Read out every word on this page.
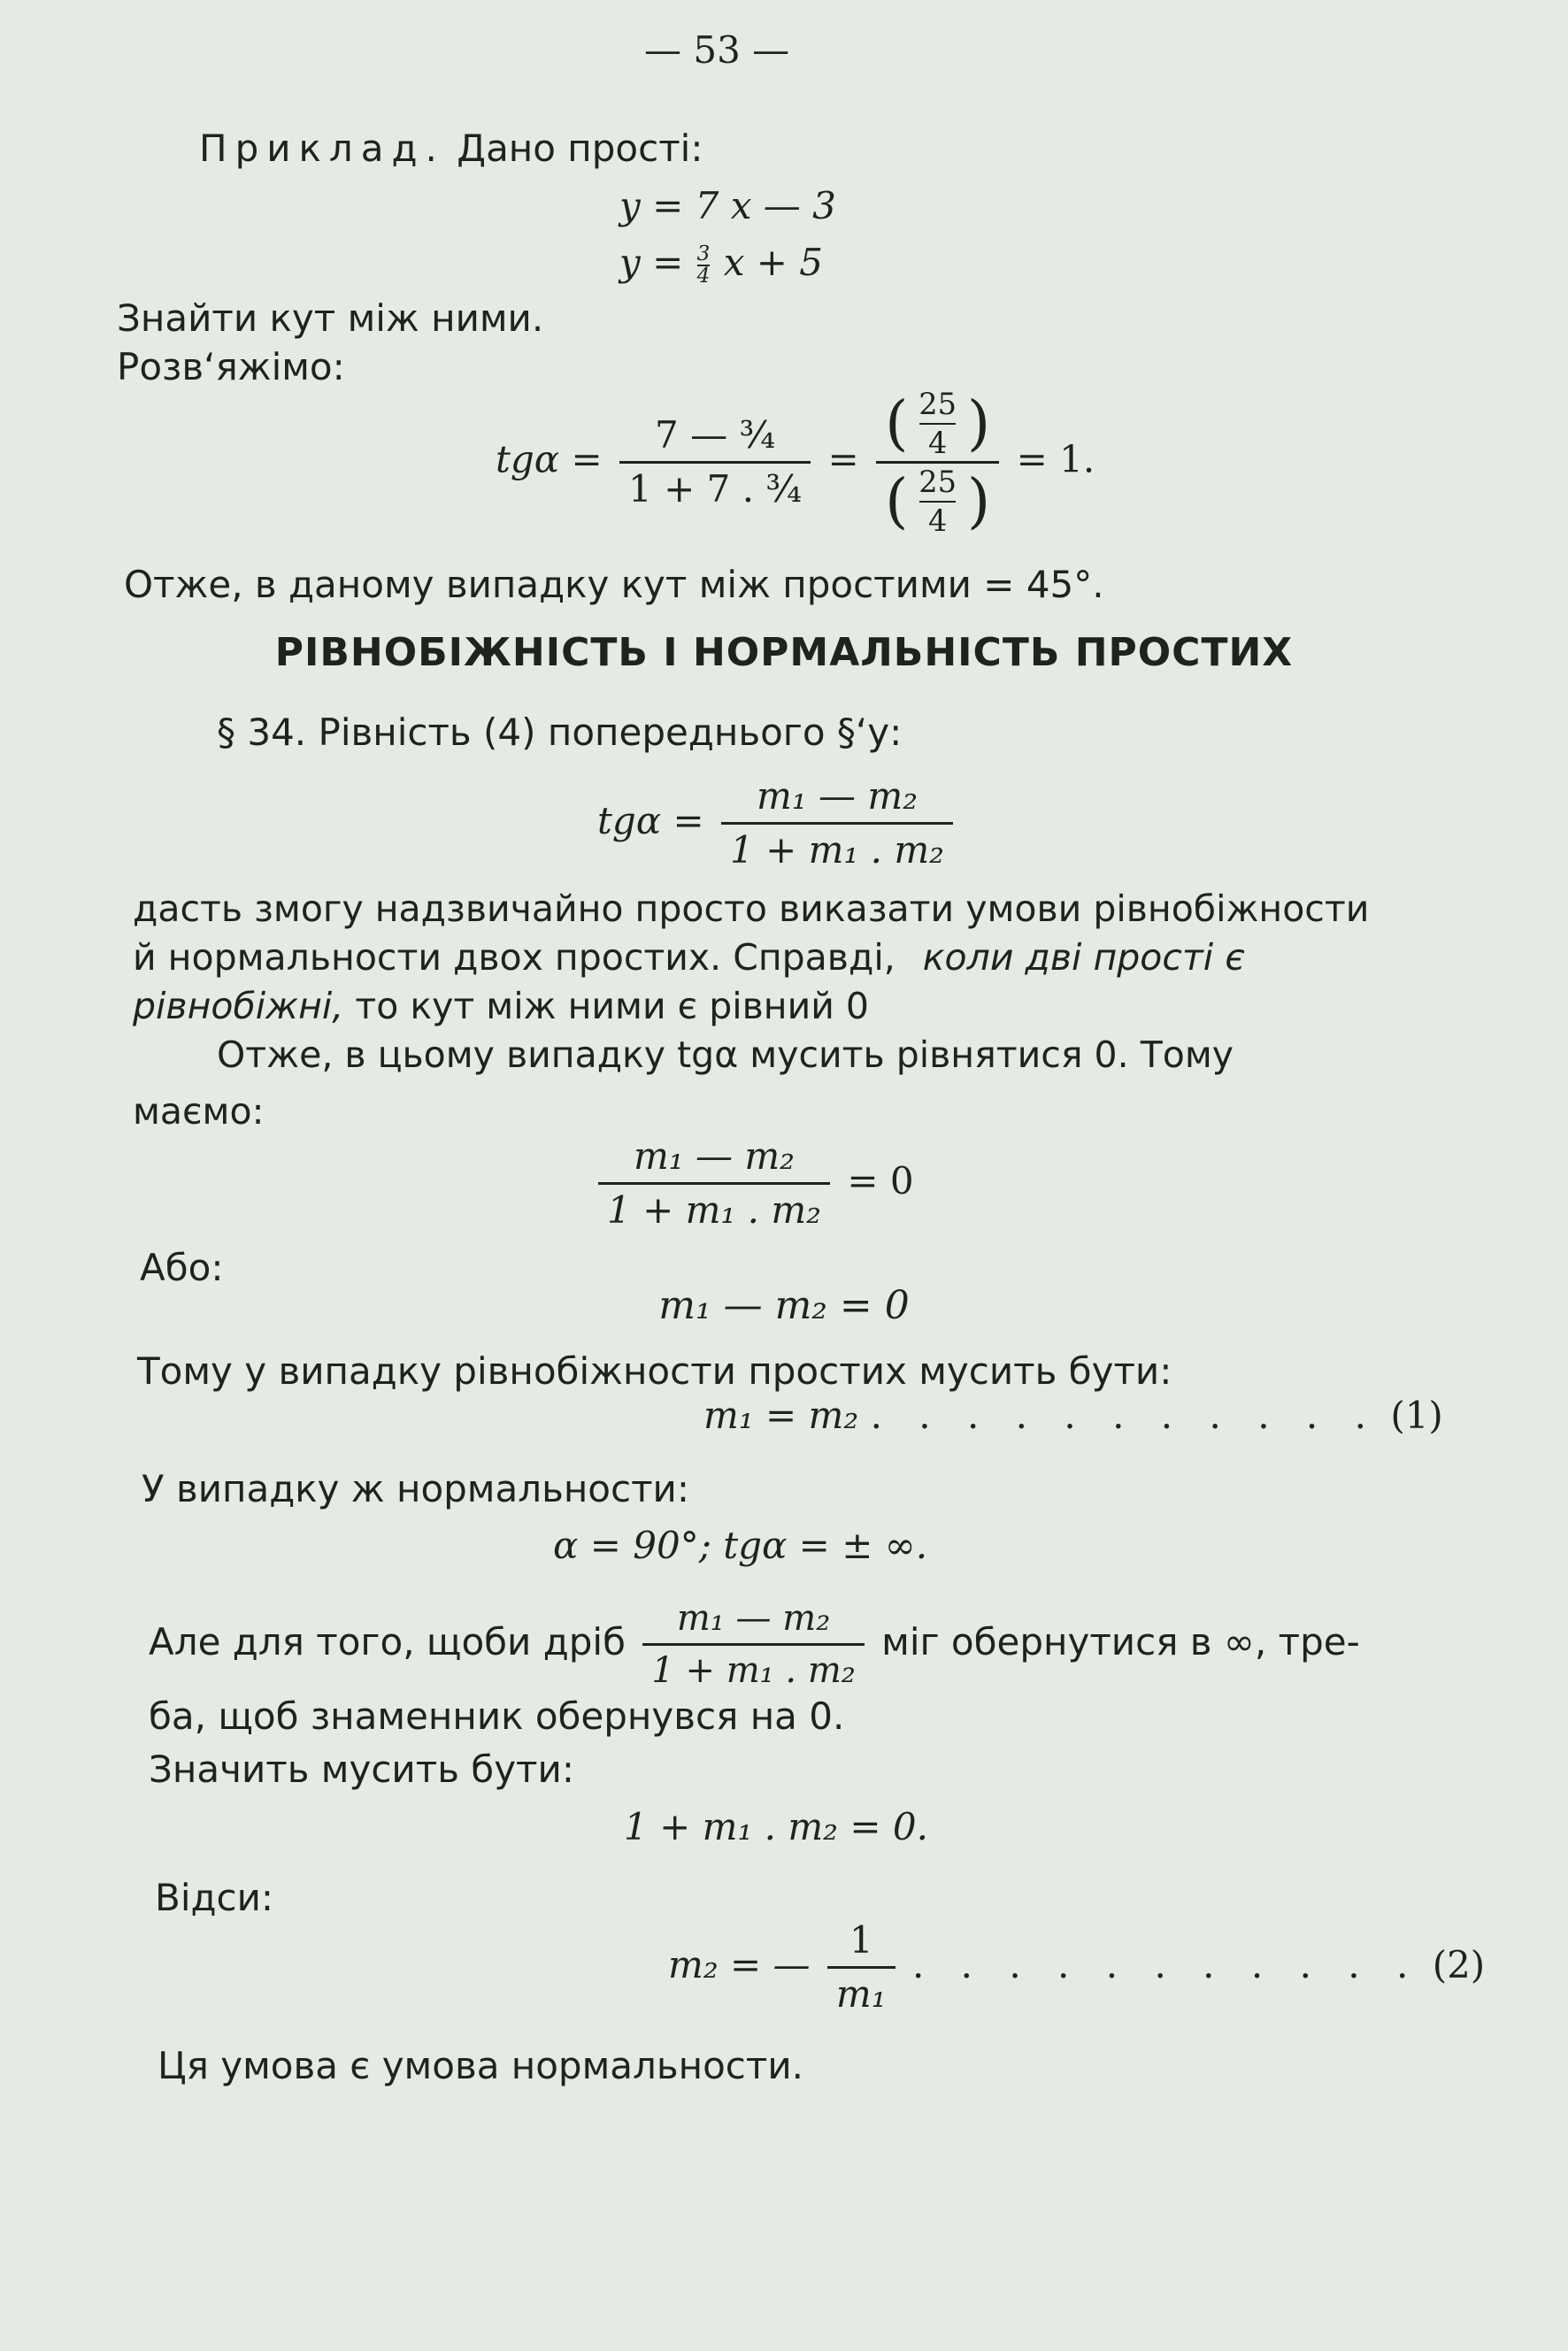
— 53 —
Приклад. Дано прості:
y = 7 x — 3
$y = \frac{3}{4}$ x + 5
Знайти кут між ними.
Розв‘яжімо:
$tg\alpha = \frac{\text{7 — ¾}}{\text{1 + 7 . ¾}} = \frac{( \frac{25}{4} )}{( \frac{25}{4} )} = 1$.
Отже, в даному випадку кут між простими = 45°.
РІВНОБІЖНІСТЬ І НОРМАЛЬНІСТЬ ПРОСТИХ
§ 34. Рівність (4) попереднього §‘у:
$tg\alpha = \frac{\text{m₁ — m₂}}{\text{1 + m₁ . m₂}}$
дасть змогу надзвичайно просто виказати умови рівнобіжности
й нормальности двох простих. Справді, коли дві прості є
рівнобіжні, то кут між ними є рівний 0
Отже, в цьому випадку tgα мусить рівнятися 0. Тому
маємо:
$\frac{\text{m₁ — m₂}}{\text{1 + m₁ . m₂}} = 0$
Або:
m₁ — m₂ = 0
Тому у випадку рівнобіжности простих мусить бути:
m₁ = m₂ . . . . . . . . . . . (1)
У випадку ж нормальности:
α = 90°; tgα = ± ∞.
Але для того, щоби дріб $\frac{\text{m₁ — m₂}}{\text{1 + m₁ . m₂}}$ міг обернутися в ∞, тре-
ба, щоб знаменник обернувся на 0.
Значить мусить бути:
1 + m₁ . m₂ = 0.
Відси:
m₂ = — $\frac{1}{\text{m₁}}$ . . . . . . . . . . . (2)
Ця умова є умова нормальности.
